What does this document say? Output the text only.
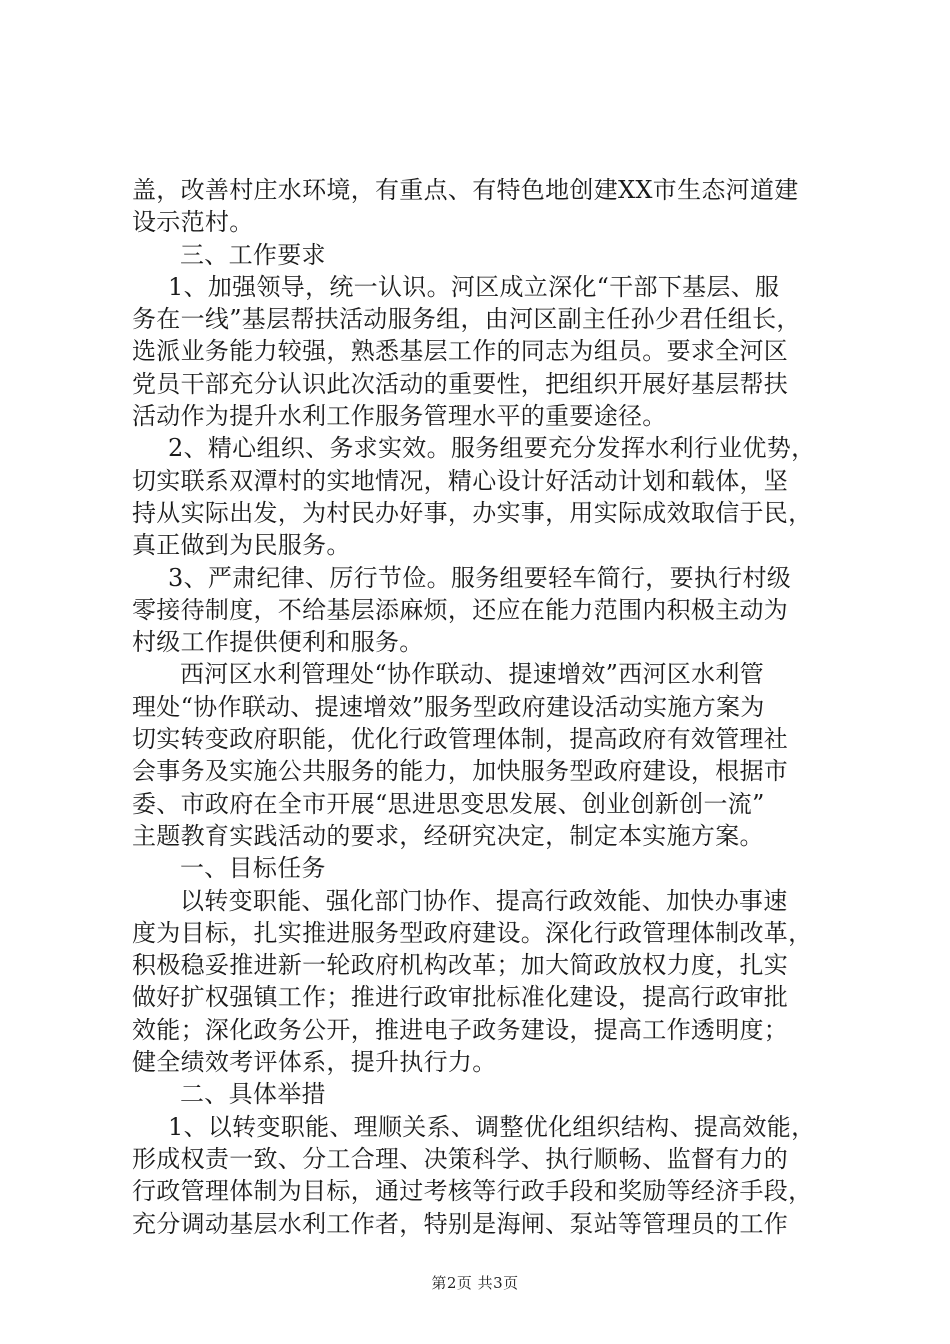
盖，改善村庄水环境，有重点、有特色地创建XX市生态河道建
设示范村。
三、工作要求
1、加强领导，统一认识。河区成立深化“干部下基层、服
务在一线”基层帮扶活动服务组，由河区副主任孙少君任组长，
选派业务能力较强，熟悉基层工作的同志为组员。要求全河区
党员干部充分认识此次活动的重要性，把组织开展好基层帮扶
活动作为提升水利工作服务管理水平的重要途径。
2、精心组织、务求实效。服务组要充分发挥水利行业优势，
切实联系双潭村的实地情况，精心设计好活动计划和载体，坚
持从实际出发，为村民办好事，办实事，用实际成效取信于民，
真正做到为民服务。
3、严肃纪律、厉行节俭。服务组要轻车简行，要执行村级
零接待制度，不给基层添麻烦，还应在能力范围内积极主动为
村级工作提供便利和服务。
西河区水利管理处“协作联动、提速增效”西河区水利管
理处“协作联动、提速增效”服务型政府建设活动实施方案为
切实转变政府职能，优化行政管理体制，提高政府有效管理社
会事务及实施公共服务的能力，加快服务型政府建设，根据市
委、市政府在全市开展“思进思变思发展、创业创新创一流”
主题教育实践活动的要求，经研究决定，制定本实施方案。
一、目标任务
以转变职能、强化部门协作、提高行政效能、加快办事速
度为目标，扎实推进服务型政府建设。深化行政管理体制改革，
积极稳妥推进新一轮政府机构改革；加大简政放权力度，扎实
做好扩权强镇工作；推进行政审批标准化建设，提高行政审批
效能；深化政务公开，推进电子政务建设，提高工作透明度；
健全绩效考评体系，提升执行力。
二、具体举措
1、以转变职能、理顺关系、调整优化组织结构、提高效能，
形成权责一致、分工合理、决策科学、执行顺畅、监督有力的
行政管理体制为目标，通过考核等行政手段和奖励等经济手段，
充分调动基层水利工作者，特别是海闸、泵站等管理员的工作
第2页 共3页
